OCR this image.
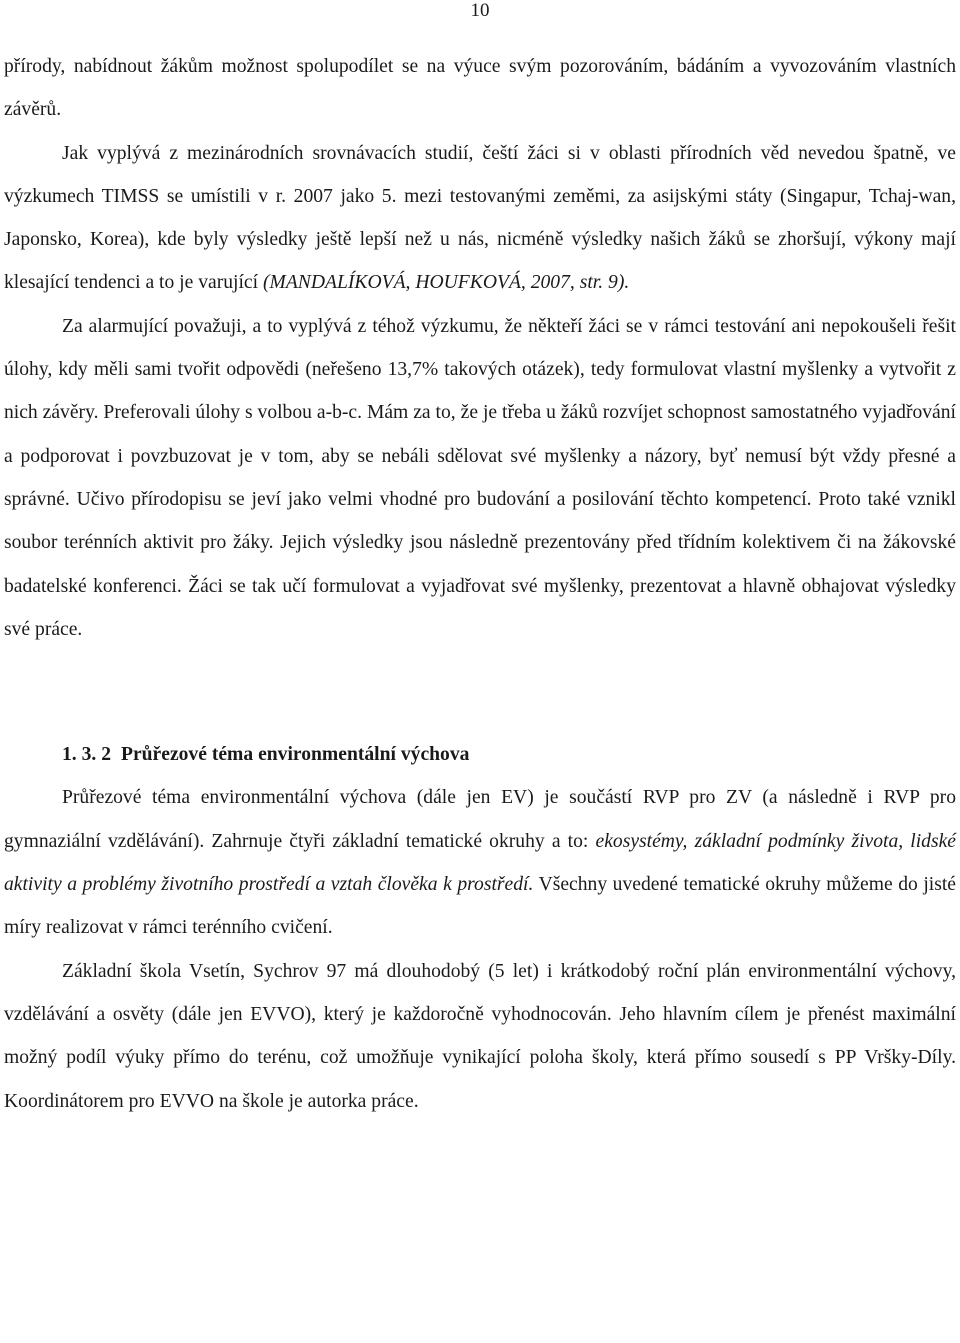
10

přírody, nabídnout žákům možnost spolupodílet se na výuce svým pozorováním, bádáním a vyvozováním vlastních závěrů.

Jak vyplývá z mezinárodních srovnávacích studií, čeští žáci si v oblasti přírodních věd nevedou špatně, ve výzkumech TIMSS se umístili v r. 2007 jako 5. mezi testovanými zeměmi, za asijskými státy (Singapur, Tchaj-wan, Japonsko, Korea), kde byly výsledky ještě lepší než u nás, nicméně výsledky našich žáků se zhoršují, výkony mají klesající tendenci a to je varující (MANDALÍKOVÁ, HOUFKOVÁ, 2007, str. 9).

Za alarmující považuji, a to vyplývá z téhož výzkumu, že někteří žáci se v rámci testování ani nepokoušeli řešit úlohy, kdy měli sami tvořit odpovědi (neřešeno 13,7% takových otázek), tedy formulovat vlastní myšlenky a vytvořit z nich závěry. Preferovali úlohy s volbou a-b-c. Mám za to, že je třeba u žáků rozvíjet schopnost samostatného vyjadřování a podporovat i povzbuzovat je v tom, aby se nebáli sdělovat své myšlenky a názory, byť nemusí být vždy přesné a správné. Učivo přírodopisu se jeví jako velmi vhodné pro budování a posilování těchto kompetencí. Proto také vznikl soubor terénních aktivit pro žáky. Jejich výsledky jsou následně prezentovány před třídním kolektivem či na žákovské badatelské konferenci. Žáci se tak učí formulovat a vyjadřovat své myšlenky, prezentovat a hlavně obhajovat výsledky své práce.

1. 3. 2 Průřezové téma environmentální výchova

Průřezové téma environmentální výchova (dále jen EV) je součástí RVP pro ZV (a následně i RVP pro gymnaziální vzdělávání). Zahrnuje čtyři základní tematické okruhy a to: ekosystémy, základní podmínky života, lidské aktivity a problémy životního prostředí a vztah člověka k prostředí. Všechny uvedené tematické okruhy můžeme do jisté míry realizovat v rámci terénního cvičení.

Základní škola Vsetín, Sychrov 97 má dlouhodobý (5 let) i krátkodobý roční plán environmentální výchovy, vzdělávání a osvěty (dále jen EVVO), který je každoročně vyhodnocován. Jeho hlavním cílem je přenést maximální možný podíl výuky přímo do terénu, což umožňuje vynikající poloha školy, která přímo sousedí s PP Vršky-Díly. Koordinátorem pro EVVO na škole je autorka práce.
